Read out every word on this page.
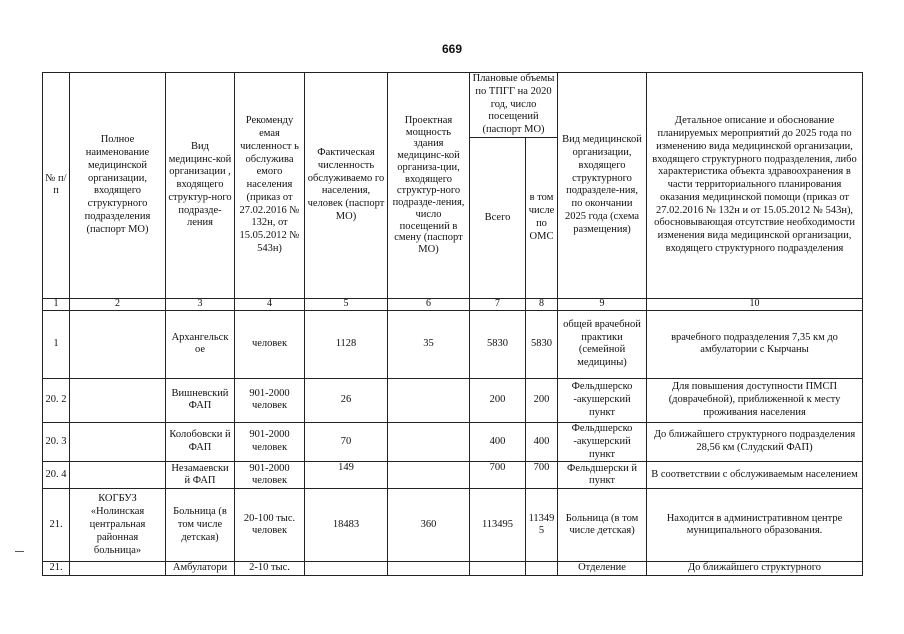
669
№ п/п	Полное наименование медицинской организации, входящего структурного подразделения (паспорт МО)	Вид медицинс-кой организации , входящего структур-ного подразде-ления	Рекоменду емая численност ь обслужива емого населения (приказ от 27.02.2016 № 132н, от 15.05.2012 № 543н)	Фактическая численность обслуживаемо го населения, человек (паспорт МО)	Проектная мощность здания медицинс-кой организа-ции, входящего структур-ного подразде-ления, число посещений в смену (паспорт МО)	Плановые объемы по ТПГГ на 2020 год, число посещений (паспорт МО)		Вид медицинской организации, входящего структурного подразделе-ния, по окончании 2025 года (схема размещения)	Детальное описание и обоснование планируемых мероприятий до 2025 года по изменению вида медицинской организации, входящего структурного подразделения, либо характеристика объекта здравоохранения в части территориального планирования оказания медицинской помощи (приказ от 27.02.2016 № 132н и от 15.05.2012 № 543н), обосновывающая отсутствие необходимости изменения вида медицинской организации, входящего структурного подразделения
						Всего	в том числе по ОМС		
1	2	3	4	5	6	7	8	9	10
1		Архангельск ое	человек	1128	35	5830	5830	общей врачебной практики (семейной медицины)	врачебного подразделения 7,35 км до амбулатории с Кырчаны
20. 2		Вишневский ФАП	901-2000 человек	26		200	200	Фельдшерско -акушерский пункт	Для повышения доступности ПМСП (доврачебной), приближенной к месту проживания населения
20. 3		Колобовски й ФАП	901-2000 человек	70		400	400	Фельдшерско -акушерский пункт	До ближайшего структурного подразделения 28,56 км (Слудский ФАП)
20. 4		Незамаевски й ФАП	901-2000 человек	149		700	700	Фельдшерски й пункт	В соответствии с обслуживаемым населением
21.	КОГБУЗ «Нолинская центральная районная больница»	Больница (в том числе детская)	20-100 тыс. человек	18483	360	113495	113495	Больница (в том числе детская)	Находится в административном центре муниципального образования.
21.		Амбулатори	2-10 тыс.					Отделение	До ближайшего структурного
